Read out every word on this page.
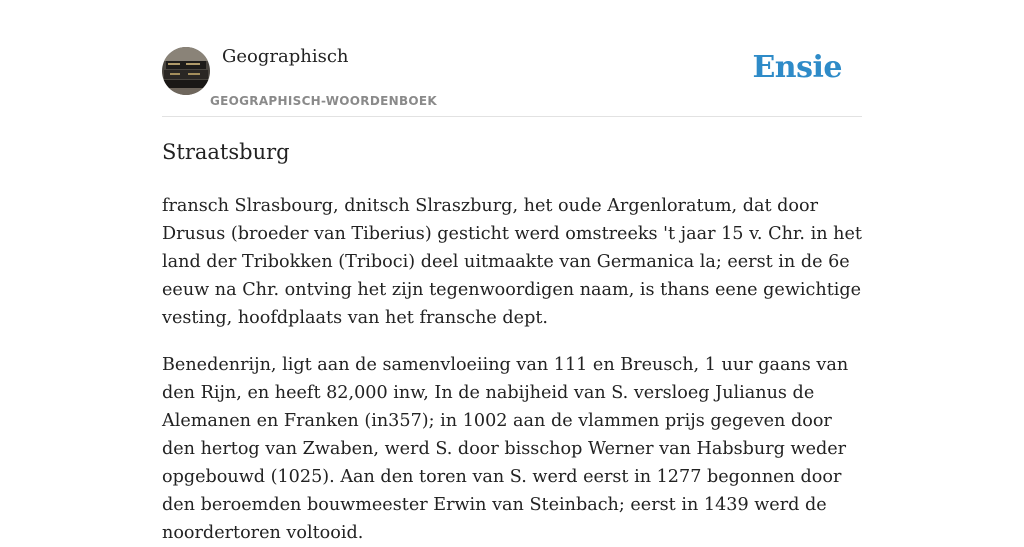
Geographisch
GEOGRAPHISCH-WOORDENBOEK
Ensie
Straatsburg

fransch Slrasbourg, dnitsch Slraszburg, het oude Argenloratum, dat door Drusus (broeder van Tiberius) gesticht werd omstreeks 't jaar 15 v. Chr. in het land der Tribokken (Triboci) deel uitmaakte van Germanica la; eerst in de 6e eeuw na Chr. ontving het zijn tegenwoordigen naam, is thans eene gewichtige vesting, hoofdplaats van het fransche dept.

Benedenrijn, ligt aan de samenvloeiing van 111 en Breusch, 1 uur gaans van den Rijn, en heeft 82,000 inw, In de nabijheid van S. versloeg Julianus de Alemanen en Franken (in357); in 1002 aan de vlammen prijs gegeven door den hertog van Zwaben, werd S. door bisschop Werner van Habsburg weder opgebouwd (1025). Aan den toren van S. werd eerst in 1277 begonnen door den beroemden bouwmeester Erwin van Steinbach; eerst in 1439 werd de noordertoren voltooid.
